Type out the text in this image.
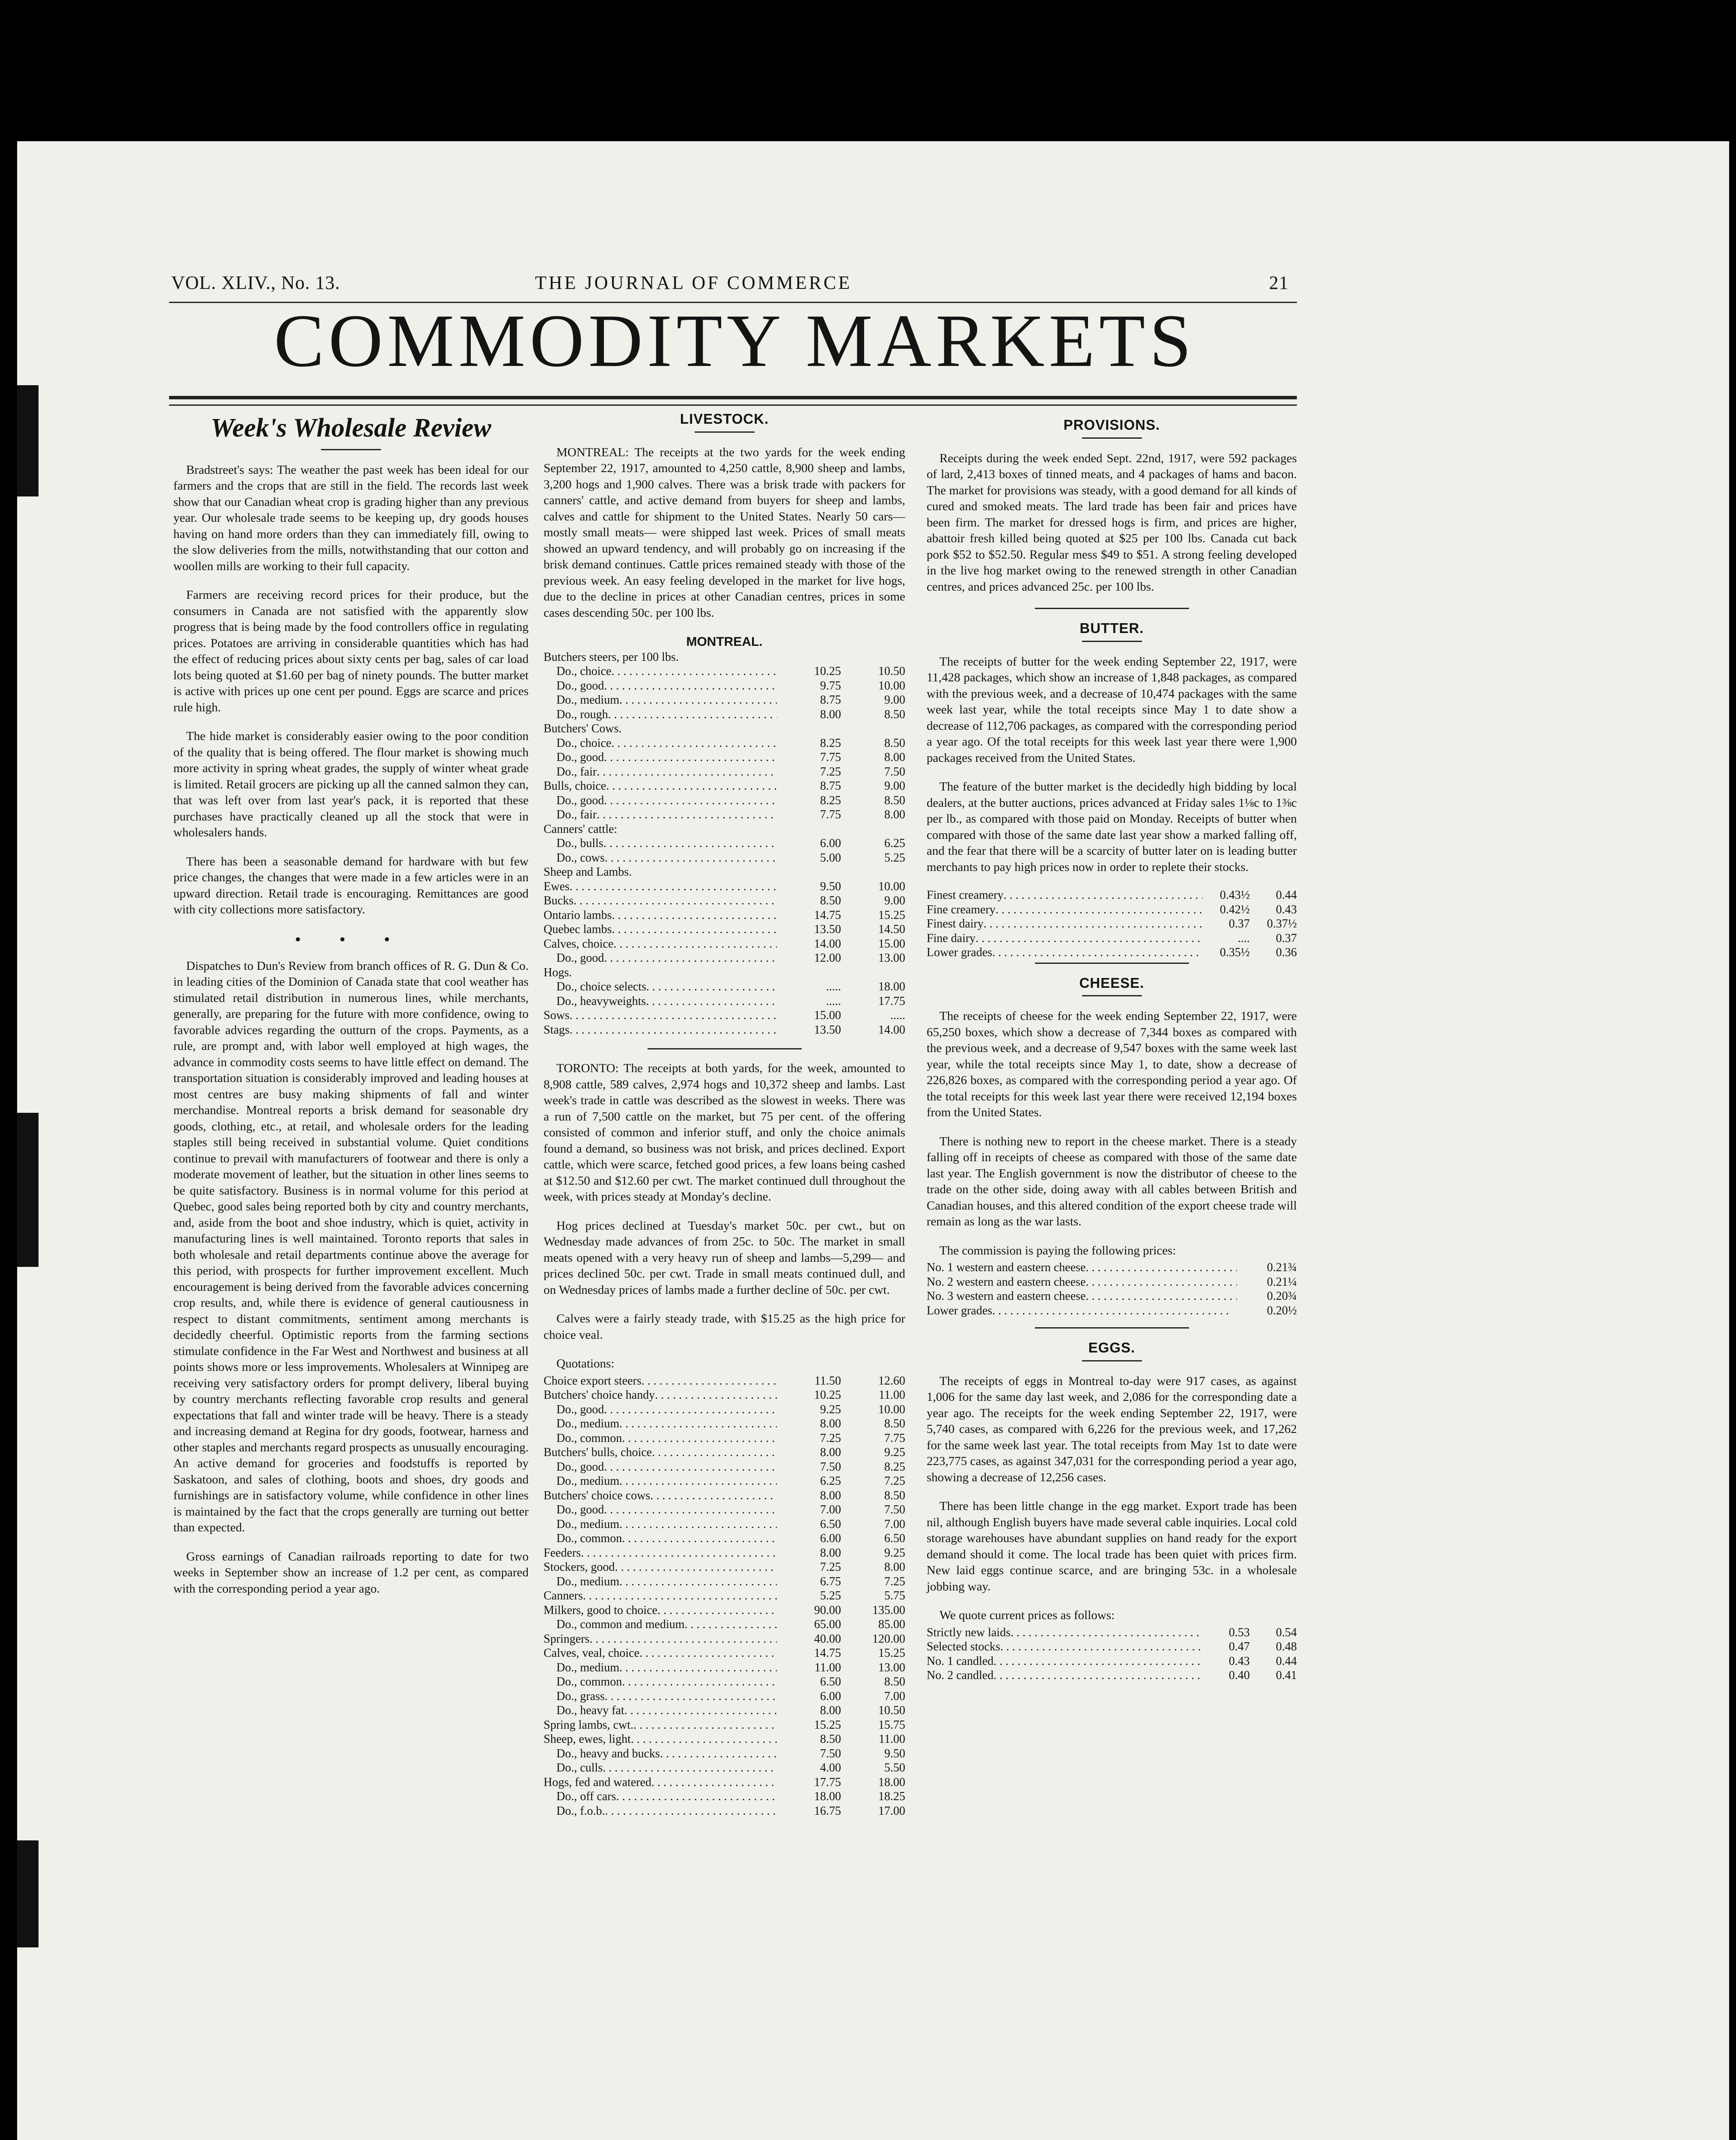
VOL. XLIV., No. 13.	THE JOURNAL OF COMMERCE	21
COMMODITY MARKETS
Week's Wholesale Review

Bradstreet's says: The weather the past week has been ideal for our farmers and the crops that are still in the field. The records last week show that our Canadian wheat crop is grading higher than any previous year. Our wholesale trade seems to be keeping up, dry goods houses having on hand more orders than they can immediately fill, owing to the slow deliveries from the mills, notwithstanding that our cotton and woollen mills are working to their full capacity.

Farmers are receiving record prices for their produce, but the consumers in Canada are not satisfied with the apparently slow progress that is being made by the food controllers office in regulating prices. Potatoes are arriving in considerable quantities which has had the effect of reducing prices about sixty cents per bag, sales of car load lots being quoted at $1.60 per bag of ninety pounds. The butter market is active with prices up one cent per pound. Eggs are scarce and prices rule high.

The hide market is considerably easier owing to the poor condition of the quality that is being offered. The flour market is showing much more activity in spring wheat grades, the supply of winter wheat grade is limited. Retail grocers are picking up all the canned salmon they can, that was left over from last year's pack, it is reported that these purchases have practically cleaned up all the stock that were in wholesalers hands.

There has been a seasonable demand for hardware with but few price changes, the changes that were made in a few articles were in an upward direction. Retail trade is encouraging. Remittances are good with city collections more satisfactory.

• • •

Dispatches to Dun's Review from branch offices of R. G. Dun & Co. in leading cities of the Dominion of Canada state that cool weather has stimulated retail distribution in numerous lines, while merchants, generally, are preparing for the future with more confidence, owing to favorable advices regarding the outturn of the crops. Payments, as a rule, are prompt and, with labor well employed at high wages, the advance in commodity costs seems to have little effect on demand. The transportation situation is considerably improved and leading houses at most centres are busy making shipments of fall and winter merchandise. Montreal reports a brisk demand for seasonable dry goods, clothing, etc., at retail, and wholesale orders for the leading staples still being received in substantial volume. Quiet conditions continue to prevail with manufacturers of footwear and there is only a moderate movement of leather, but the situation in other lines seems to be quite satisfactory. Business is in normal volume for this period at Quebec, good sales being reported both by city and country merchants, and, aside from the boot and shoe industry, which is quiet, activity in manufacturing lines is well maintained. Toronto reports that sales in both wholesale and retail departments continue above the average for this period, with prospects for further improvement excellent. Much encouragement is being derived from the favorable advices concerning crop results, and, while there is evidence of general cautiousness in respect to distant commitments, sentiment among merchants is decidedly cheerful. Optimistic reports from the farming sections stimulate confidence in the Far West and Northwest and business at all points shows more or less improvements. Wholesalers at Winnipeg are receiving very satisfactory orders for prompt delivery, liberal buying by country merchants reflecting favorable crop results and general expectations that fall and winter trade will be heavy. There is a steady and increasing demand at Regina for dry goods, footwear, harness and other staples and merchants regard prospects as unusually encouraging. An active demand for groceries and foodstuffs is reported by Saskatoon, and sales of clothing, boots and shoes, dry goods and furnishings are in satisfactory volume, while confidence in other lines is maintained by the fact that the crops generally are turning out better than expected.

Gross earnings of Canadian railroads reporting to date for two weeks in September show an increase of 1.2 per cent, as compared with the corresponding period a year ago.

LIVESTOCK.

MONTREAL: The receipts at the two yards for the week ending September 22, 1917, amounted to 4,250 cattle, 8,900 sheep and lambs, 3,200 hogs and 1,900 calves. There was a brisk trade with packers for canners' cattle, and active demand from buyers for sheep and lambs, calves and cattle for shipment to the United States. Nearly 50 cars—mostly small meats— were shipped last week. Prices of small meats showed an upward tendency, and will probably go on increasing if the brisk demand continues. Cattle prices remained steady with those of the previous week. An easy feeling developed in the market for live hogs, due to the decline in prices at other Canadian centres, prices in some cases descending 50c. per 100 lbs.

MONTREAL.
Butchers steers, per 100 lbs.		
Do., choice . . .	10.25	10.50
Do., good . . .	9.75	10.00
Do., medium . . .	8.75	9.00
Do., rough . . .	8.00	8.50
Butchers' Cows.		
Do., choice . . .	8.25	8.50
Do., good . . .	7.75	8.00
Do., fair . . .	7.25	7.50
Bulls, choice . . .	8.75	9.00
Do., good . . .	8.25	8.50
Do., fair . . .	7.75	8.00
Canners' cattle:		
Do., bulls . . .	6.00	6.25
Do., cows . . .	5.00	5.25
Sheep and Lambs.		
Ewes . . .	9.50	10.00
Bucks . . .	8.50	9.00
Ontario lambs . . .	14.75	15.25
Quebec lambs . . .	13.50	14.50
Calves, choice . . .	14.00	15.00
Do., good . . .	12.00	13.00
Hogs.		
Do., choice selects . . .	.....	18.00
Do., heavyweights . . .	.....	17.75
Sows . . .	15.00	.....
Stags . . .	13.50	14.00

TORONTO: The receipts at both yards, for the week, amounted to 8,908 cattle, 589 calves, 2,974 hogs and 10,372 sheep and lambs. Last week's trade in cattle was described as the slowest in weeks. There was a run of 7,500 cattle on the market, but 75 per cent. of the offering consisted of common and inferior stuff, and only the choice animals found a demand, so business was not brisk, and prices declined. Export cattle, which were scarce, fetched good prices, a few loans being cashed at $12.50 and $12.60 per cwt. The market continued dull throughout the week, with prices steady at Monday's decline.

Hog prices declined at Tuesday's market 50c. per cwt., but on Wednesday made advances of from 25c. to 50c. The market in small meats opened with a very heavy run of sheep and lambs—5,299— and prices declined 50c. per cwt. Trade in small meats continued dull, and on Wednesday prices of lambs made a further decline of 50c. per cwt.

Calves were a fairly steady trade, with $15.25 as the high price for choice veal.

Quotations:
Choice export steers . . .	11.50	12.60
Butchers' choice handy . . .	10.25	11.00
Do., good . . .	9.25	10.00
Do., medium . . .	8.00	8.50
Do., common . . .	7.25	7.75
Butchers' bulls, choice . . .	8.00	9.25
Do., good . . .	7.50	8.25
Do., medium . . .	6.25	7.25
Butchers' choice cows . . .	8.00	8.50
Do., good . . .	7.00	7.50
Do., medium . . .	6.50	7.00
Do., common . . .	6.00	6.50
Feeders . . .	8.00	9.25
Stockers, good . . .	7.25	8.00
Do., medium . . .	6.75	7.25
Canners . . .	5.25	5.75
Milkers, good to choice . . .	90.00	135.00
Do., common and medium . . .	65.00	85.00
Springers . . .	40.00	120.00
Calves, veal, choice . . .	14.75	15.25
Do., medium . . .	11.00	13.00
Do., common . . .	6.50	8.50
Do., grass . . .	6.00	7.00
Do., heavy fat . . .	8.00	10.50
Spring lambs, cwt. . . .	15.25	15.75
Sheep, ewes, light . . .	8.50	11.00
Do., heavy and bucks . . .	7.50	9.50
Do., culls . . .	4.00	5.50
Hogs, fed and watered . . .	17.75	18.00
Do., off cars . . .	18.00	18.25
Do., f.o.b. . . .	16.75	17.00
PROVISIONS.

Receipts during the week ended Sept. 22nd, 1917, were 592 packages of lard, 2,413 boxes of tinned meats, and 4 packages of hams and bacon. The market for provisions was steady, with a good demand for all kinds of cured and smoked meats. The lard trade has been fair and prices have been firm. The market for dressed hogs is firm, and prices are higher, abattoir fresh killed being quoted at $25 per 100 lbs. Canada cut back pork $52 to $52.50. Regular mess $49 to $51. A strong feeling developed in the live hog market owing to the renewed strength in other Canadian centres, and prices advanced 25c. per 100 lbs.

BUTTER.

The receipts of butter for the week ending September 22, 1917, were 11,428 packages, which show an increase of 1,848 packages, as compared with the previous week, and a decrease of 10,474 packages with the same week last year, while the total receipts since May 1 to date show a decrease of 112,706 packages, as compared with the corresponding period a year ago. Of the total receipts for this week last year there were 1,900 packages received from the United States.

The feature of the butter market is the decidedly high bidding by local dealers, at the butter auctions, prices advanced at Friday sales 1⅛c to 1⅜c per lb., as compared with those paid on Monday. Receipts of butter when compared with those of the same date last year show a marked falling off, and the fear that there will be a scarcity of butter later on is leading butter merchants to pay high prices now in order to replete their stocks.

Finest creamery . . .	0.43½	0.44
Fine creamery . . .	0.42½	0.43
Finest dairy . . .	0.37	0.37½
Fine dairy . . .	....	0.37
Lower grades . . .	0.35½	0.36
CHEESE.

The receipts of cheese for the week ending September 22, 1917, were 65,250 boxes, which show a decrease of 7,344 boxes as compared with the previous week, and a decrease of 9,547 boxes with the same week last year, while the total receipts since May 1, to date, show a decrease of 226,826 boxes, as compared with the corresponding period a year ago. Of the total receipts for this week last year there were received 12,194 boxes from the United States.

There is nothing new to report in the cheese market. There is a steady falling off in receipts of cheese as compared with those of the same date last year. The English government is now the distributor of cheese to the trade on the other side, doing away with all cables between British and Canadian houses, and this altered condition of the export cheese trade will remain as long as the war lasts.

The commission is paying the following prices:
No. 1 western and eastern cheese . . .	0.21¾
No. 2 western and eastern cheese . . .	0.21¼
No. 3 western and eastern cheese . . .	0.20¾
Lower grades . . .	0.20½
EGGS.

The receipts of eggs in Montreal to-day were 917 cases, as against 1,006 for the same day last week, and 2,086 for the corresponding date a year ago. The receipts for the week ending September 22, 1917, were 5,740 cases, as compared with 6,226 for the previous week, and 17,262 for the same week last year. The total receipts from May 1st to date were 223,775 cases, as against 347,031 for the corresponding period a year ago, showing a decrease of 12,256 cases.

There has been little change in the egg market. Export trade has been nil, although English buyers have made several cable inquiries. Local cold storage warehouses have abundant supplies on hand ready for the export demand should it come. The local trade has been quiet with prices firm. New laid eggs continue scarce, and are bringing 53c. in a wholesale jobbing way.

We quote current prices as follows:
Strictly new laids . . .	0.53	0.54
Selected stocks . . .	0.47	0.48
No. 1 candled . . .	0.43	0.44
No. 2 candled . . .	0.40	0.41
